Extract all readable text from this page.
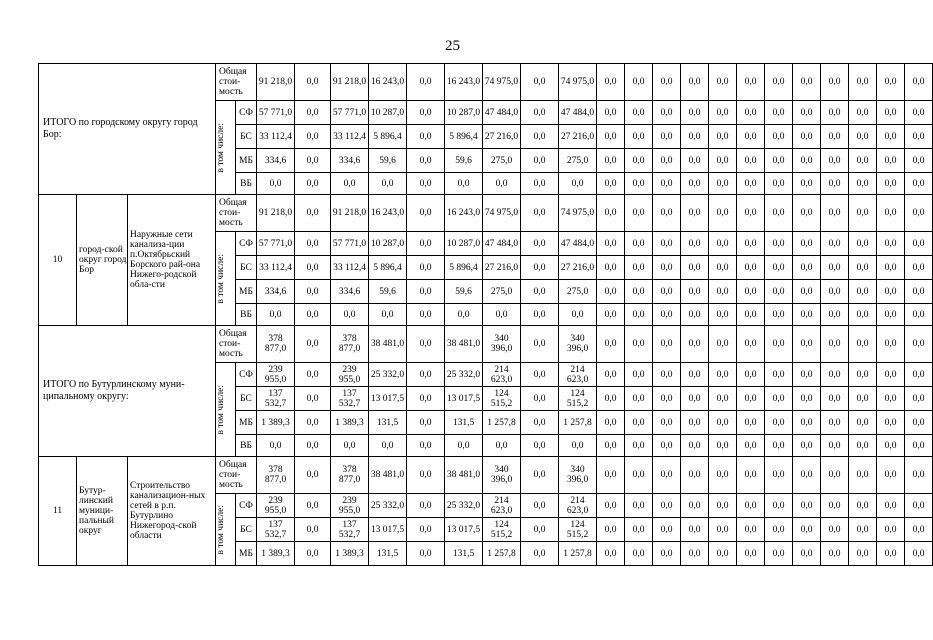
25
ИТОГО по городскому округу город Бор:			Общая стои-мость		91 218,0	0,0	91 218,0	16 243,0	0,0	16 243,0	74 975,0	0,0	74 975,0	0,0	0,0	0,0	0,0	0,0	0,0	0,0	0,0	0,0	0,0	0,0	0,0

			в том числе:	СФ	57 771,0	0,0	57 771,0	10 287,0	0,0	10 287,0	47 484,0	0,0	47 484,0	0,0	0,0	0,0	0,0	0,0	0,0	0,0	0,0	0,0	0,0	0,0	0,0
				БС	33 112,4	0,0	33 112,4	5 896,4	0,0	5 896,4	27 216,0	0,0	27 216,0	0,0	0,0	0,0	0,0	0,0	0,0	0,0	0,0	0,0	0,0	0,0	0,0
				МБ	334,6	0,0	334,6	59,6	0,0	59,6	275,0	0,0	275,0	0,0	0,0	0,0	0,0	0,0	0,0	0,0	0,0	0,0	0,0	0,0	0,0
				ВБ	0,0	0,0	0,0	0,0	0,0	0,0	0,0	0,0	0,0	0,0	0,0	0,0	0,0	0,0	0,0	0,0	0,0	0,0	0,0	0,0	0,0
10	город-ской округ город Бор	Наружные сети канализа-ции п.Октябрьский Борского рай-она Нижего-родской обла-сти	Общая стои-мость		91 218,0	0,0	91 218,0	16 243,0	0,0	16 243,0	74 975,0	0,0	74 975,0	0,0	0,0	0,0	0,0	0,0	0,0	0,0	0,0	0,0	0,0	0,0	0,0

			в том числе:	СФ	57 771,0	0,0	57 771,0	10 287,0	0,0	10 287,0	47 484,0	0,0	47 484,0	0,0	0,0	0,0	0,0	0,0	0,0	0,0	0,0	0,0	0,0	0,0	0,0
				БС	33 112,4	0,0	33 112,4	5 896,4	0,0	5 896,4	27 216,0	0,0	27 216,0	0,0	0,0	0,0	0,0	0,0	0,0	0,0	0,0	0,0	0,0	0,0	0,0
				МБ	334,6	0,0	334,6	59,6	0,0	59,6	275,0	0,0	275,0	0,0	0,0	0,0	0,0	0,0	0,0	0,0	0,0	0,0	0,0	0,0	0,0
				ВБ	0,0	0,0	0,0	0,0	0,0	0,0	0,0	0,0	0,0	0,0	0,0	0,0	0,0	0,0	0,0	0,0	0,0	0,0	0,0	0,0	0,0
ИТОГО по Бутурлинскому муни-ципальному округу:			Общая стои-мость		378 877,0	0,0	378 877,0	38 481,0	0,0	38 481,0	340 396,0	0,0	340 396,0	0,0	0,0	0,0	0,0	0,0	0,0	0,0	0,0	0,0	0,0	0,0	0,0

			в том числе:	СФ	239 955,0	0,0	239 955,0	25 332,0	0,0	25 332,0	214 623,0	0,0	214 623,0	0,0	0,0	0,0	0,0	0,0	0,0	0,0	0,0	0,0	0,0	0,0	0,0
				БС	137 532,7	0,0	137 532,7	13 017,5	0,0	13 017,5	124 515,2	0,0	124 515,2	0,0	0,0	0,0	0,0	0,0	0,0	0,0	0,0	0,0	0,0	0,0	0,0
				МБ	1 389,3	0,0	1 389,3	131,5	0,0	131,5	1 257,8	0,0	1 257,8	0,0	0,0	0,0	0,0	0,0	0,0	0,0	0,0	0,0	0,0	0,0	0,0
				ВБ	0,0	0,0	0,0	0,0	0,0	0,0	0,0	0,0	0,0	0,0	0,0	0,0	0,0	0,0	0,0	0,0	0,0	0,0	0,0	0,0	0,0
11	Бутур-линский муници-пальный округ	Строительство канализацион-ных сетей в р.п. Бутурлино Нижегород-ской области	Общая стои-мость		378 877,0	0,0	378 877,0	38 481,0	0,0	38 481,0	340 396,0	0,0	340 396,0	0,0	0,0	0,0	0,0	0,0	0,0	0,0	0,0	0,0	0,0	0,0	0,0

			в том числе:	СФ	239 955,0	0,0	239 955,0	25 332,0	0,0	25 332,0	214 623,0	0,0	214 623,0	0,0	0,0	0,0	0,0	0,0	0,0	0,0	0,0	0,0	0,0	0,0	0,0
				БС	137 532,7	0,0	137 532,7	13 017,5	0,0	13 017,5	124 515,2	0,0	124 515,2	0,0	0,0	0,0	0,0	0,0	0,0	0,0	0,0	0,0	0,0	0,0	0,0
				МБ	1 389,3	0,0	1 389,3	131,5	0,0	131,5	1 257,8	0,0	1 257,8	0,0	0,0	0,0	0,0	0,0	0,0	0,0	0,0	0,0	0,0	0,0	0,0
